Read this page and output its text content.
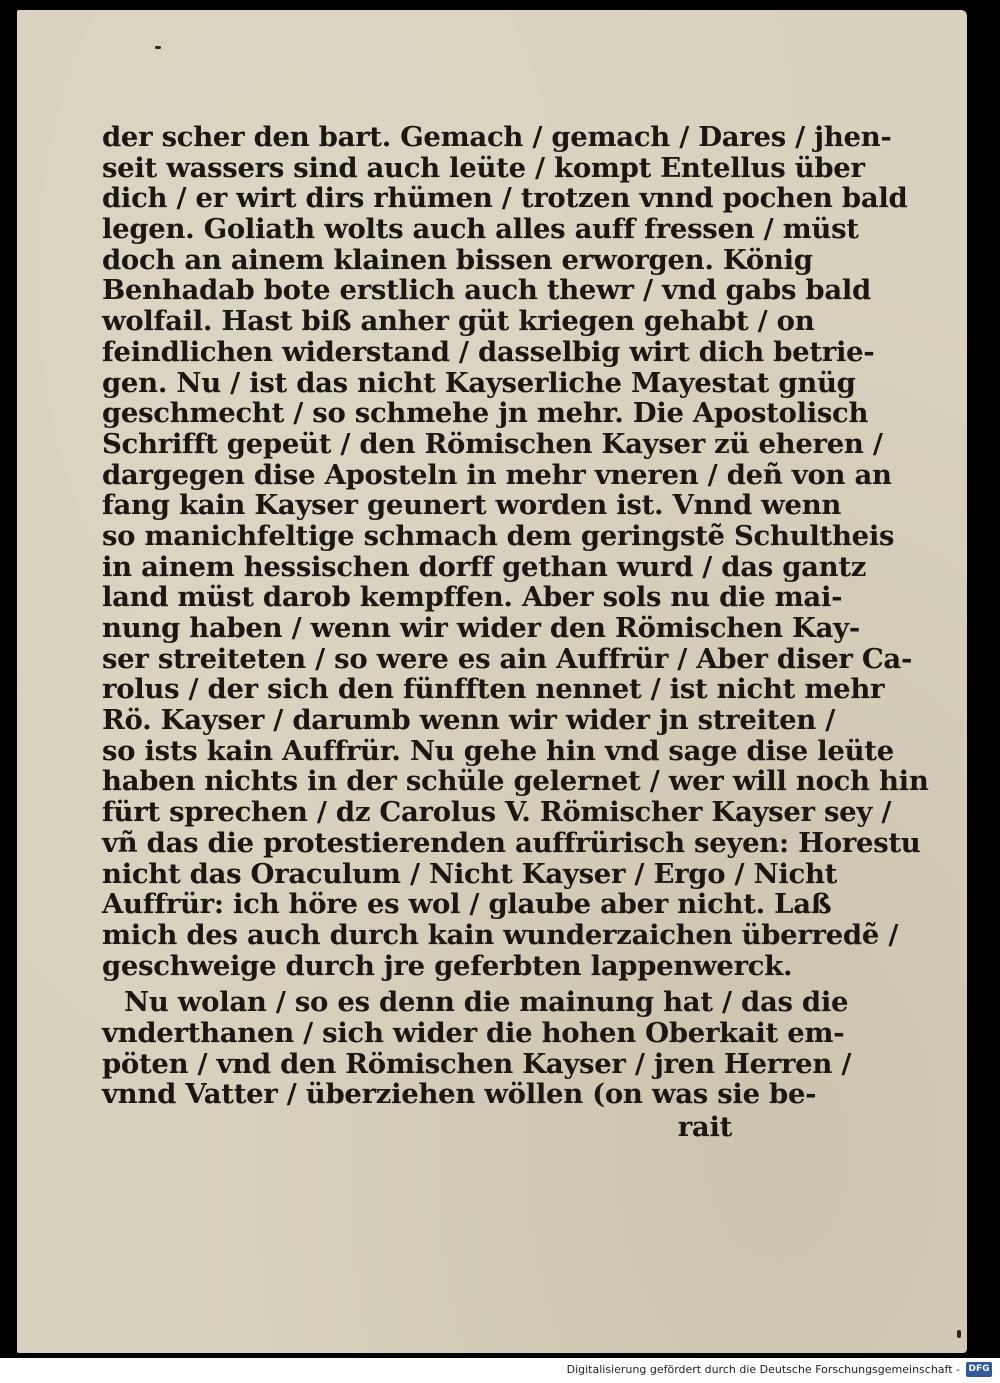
der scher den bart. Gemach / gemach / Dares / jhen-
seit wassers sind auch leüte / kompt Entellus über
dich / er wirt dirs rhümen / trotzen vnnd pochen bald
legen. Goliath wolts auch alles auff fressen / müst
doch an ainem klainen bissen erworgen. König
Benhadab bote erstlich auch thewr / vnd gabs bald
wolfail. Hast biß anher güt kriegen gehabt / on
feindlichen widerstand / dasselbig wirt dich betrie-
gen. Nu / ist das nicht Kayserliche Mayestat gnüg
geschmecht / so schmehe jn mehr. Die Apostolisch
Schrifft gepeüt / den Römischen Kayser zü eheren /
dargegen dise Aposteln in mehr vneren / deñ von an
fang kain Kayser geunert worden ist. Vnnd wenn
so manichfeltige schmach dem geringstẽ Schultheis
in ainem hessischen dorff gethan wurd / das gantz
land müst darob kempffen. Aber sols nu die mai-
nung haben / wenn wir wider den Römischen Kay-
ser streiteten / so were es ain Auffrür / Aber diser Ca-
rolus / der sich den fünfften nennet / ist nicht mehr
Rö. Kayser / darumb wenn wir wider jn streiten /
so ists kain Auffrür. Nu gehe hin vnd sage dise leüte
haben nichts in der schüle gelernet / wer will noch hin
fürt sprechen / dz Carolus V. Römischer Kayser sey /
vñ das die protestierenden auffrürisch seyen: Horestu
nicht das Oraculum / Nicht Kayser / Ergo / Nicht
Auffrür: ich höre es wol / glaube aber nicht. Laß
mich des auch durch kain wunderzaichen überredẽ /
geschweige durch jre geferbten lappenwerck.
Nu wolan / so es denn die mainung hat / das die
vnderthanen / sich wider die hohen Oberkait em-
pöten / vnd den Römischen Kayser / jren Herren /
vnnd Vatter / überziehen wöllen (on was sie be-
rait
Digitalisierung gefördert durch die Deutsche Forschungsgemeinschaft - DFG
